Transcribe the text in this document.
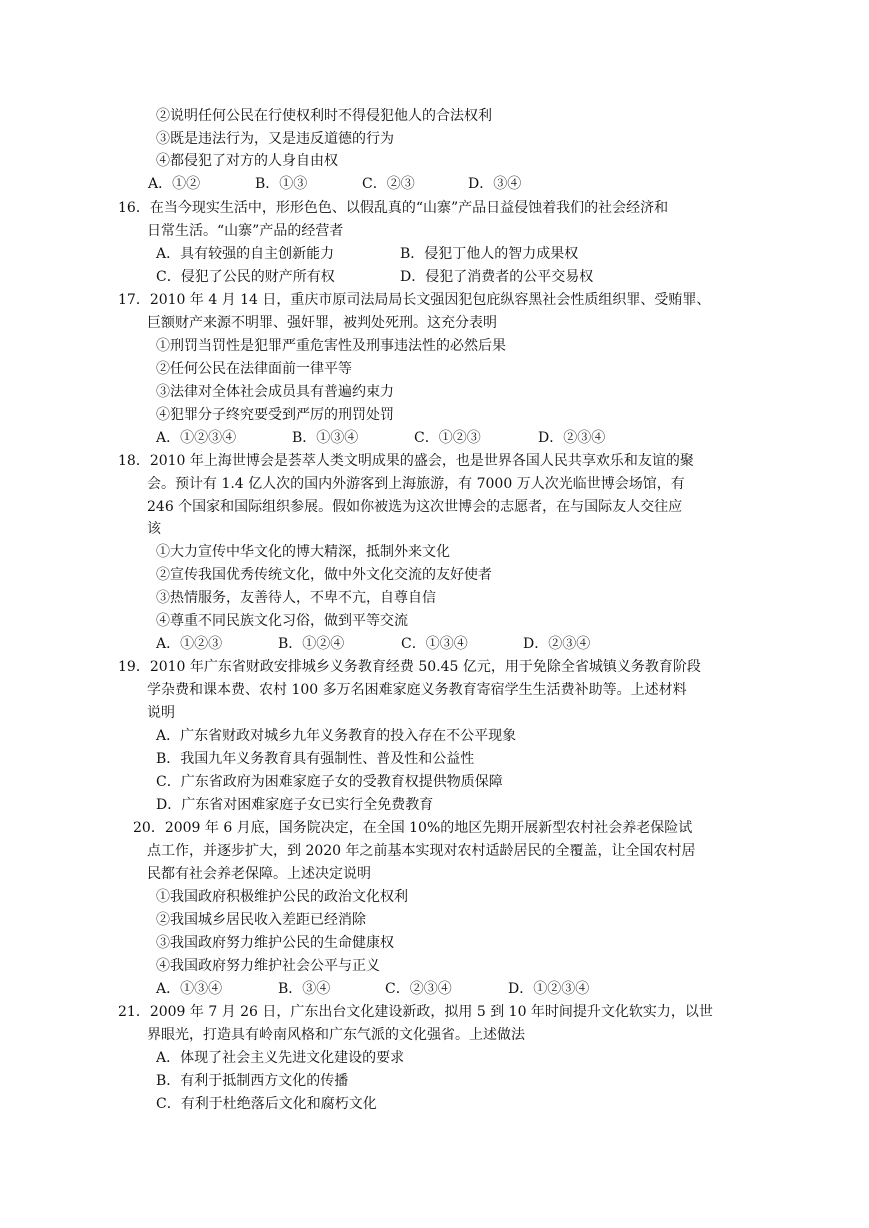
②说明任何公民在行使权利时不得侵犯他人的合法权利
③既是违法行为，又是违反道德的行为
④都侵犯了对方的人身自由权

A．①②

	B．①③

	C．②③

	D．③④

16．在当今现实生活中，形形色色、以假乱真的“山寨”产品日益侵蚀着我们的社会经济和
日常生活。“山寨”产品的经营者
A．具有较强的自主创新能力	B．侵犯丁他人的智力成果权
C．侵犯了公民的财产所有权	D．侵犯了消费者的公平交易权
17．2010 年 4 月 14 日，重庆市原司法局局长文强因犯包庇纵容黑社会性质组织罪、受贿罪、
巨额财产来源不明罪、强奸罪，被判处死刑。这充分表明
①刑罚当罚性是犯罪严重危害性及刑事违法性的必然后果
②任何公民在法律面前一律平等
③法律对全体社会成员具有普遍约束力
④犯罪分子终究要受到严厉的刑罚处罚

A．①②③④

	B．①③④

	C．①②③

	D．②③④

18．2010 年上海世博会是荟萃人类文明成果的盛会，也是世界各国人民共享欢乐和友谊的聚
会。预计有 1.4 亿人次的国内外游客到上海旅游，有 7000 万人次光临世博会场馆，有
246 个国家和国际组织参展。假如你被选为这次世博会的志愿者，在与国际友人交往应
该
①大力宣传中华文化的博大精深，抵制外来文化
②宣传我国优秀传统文化，做中外文化交流的友好使者
③热情服务，友善待人，不卑不亢，自尊自信
④尊重不同民族文化习俗，做到平等交流

A．①②③

	B．①②④

	C．①③④

	D．②③④

19．2010 年广东省财政安排城乡义务教育经费 50.45 亿元，用于免除全省城镇义务教育阶段
学杂费和课本费、农村 100 多万名困难家庭义务教育寄宿学生生活费补助等。上述材料
说明
A．广东省财政对城乡九年义务教育的投入存在不公平现象
B．我国九年义务教育具有强制性、普及性和公益性
C．广东省政府为困难家庭子女的受教育权提供物质保障
D．广东省对困难家庭子女已实行全免费教育
20．2009 年 6 月底，国务院决定，在全国 10%的地区先期开展新型农村社会养老保险试
点工作，并逐步扩大，到 2020 年之前基本实现对农村适龄居民的全覆盖，让全国农村居
民都有社会养老保障。上述决定说明
①我国政府积极维护公民的政治文化权利
②我国城乡居民收入差距已经消除
③我国政府努力维护公民的生命健康权
④我国政府努力维护社会公平与正义

A．①③④

	B．③④

	C．②③④

	D．①②③④

21．2009 年 7 月 26 日，广东出台文化建设新政，拟用 5 到 10 年时间提升文化软实力，以世
界眼光，打造具有岭南风格和广东气派的文化强省。上述做法
A．体现了社会主义先进文化建设的要求
B．有利于抵制西方文化的传播
C．有利于杜绝落后文化和腐朽文化
